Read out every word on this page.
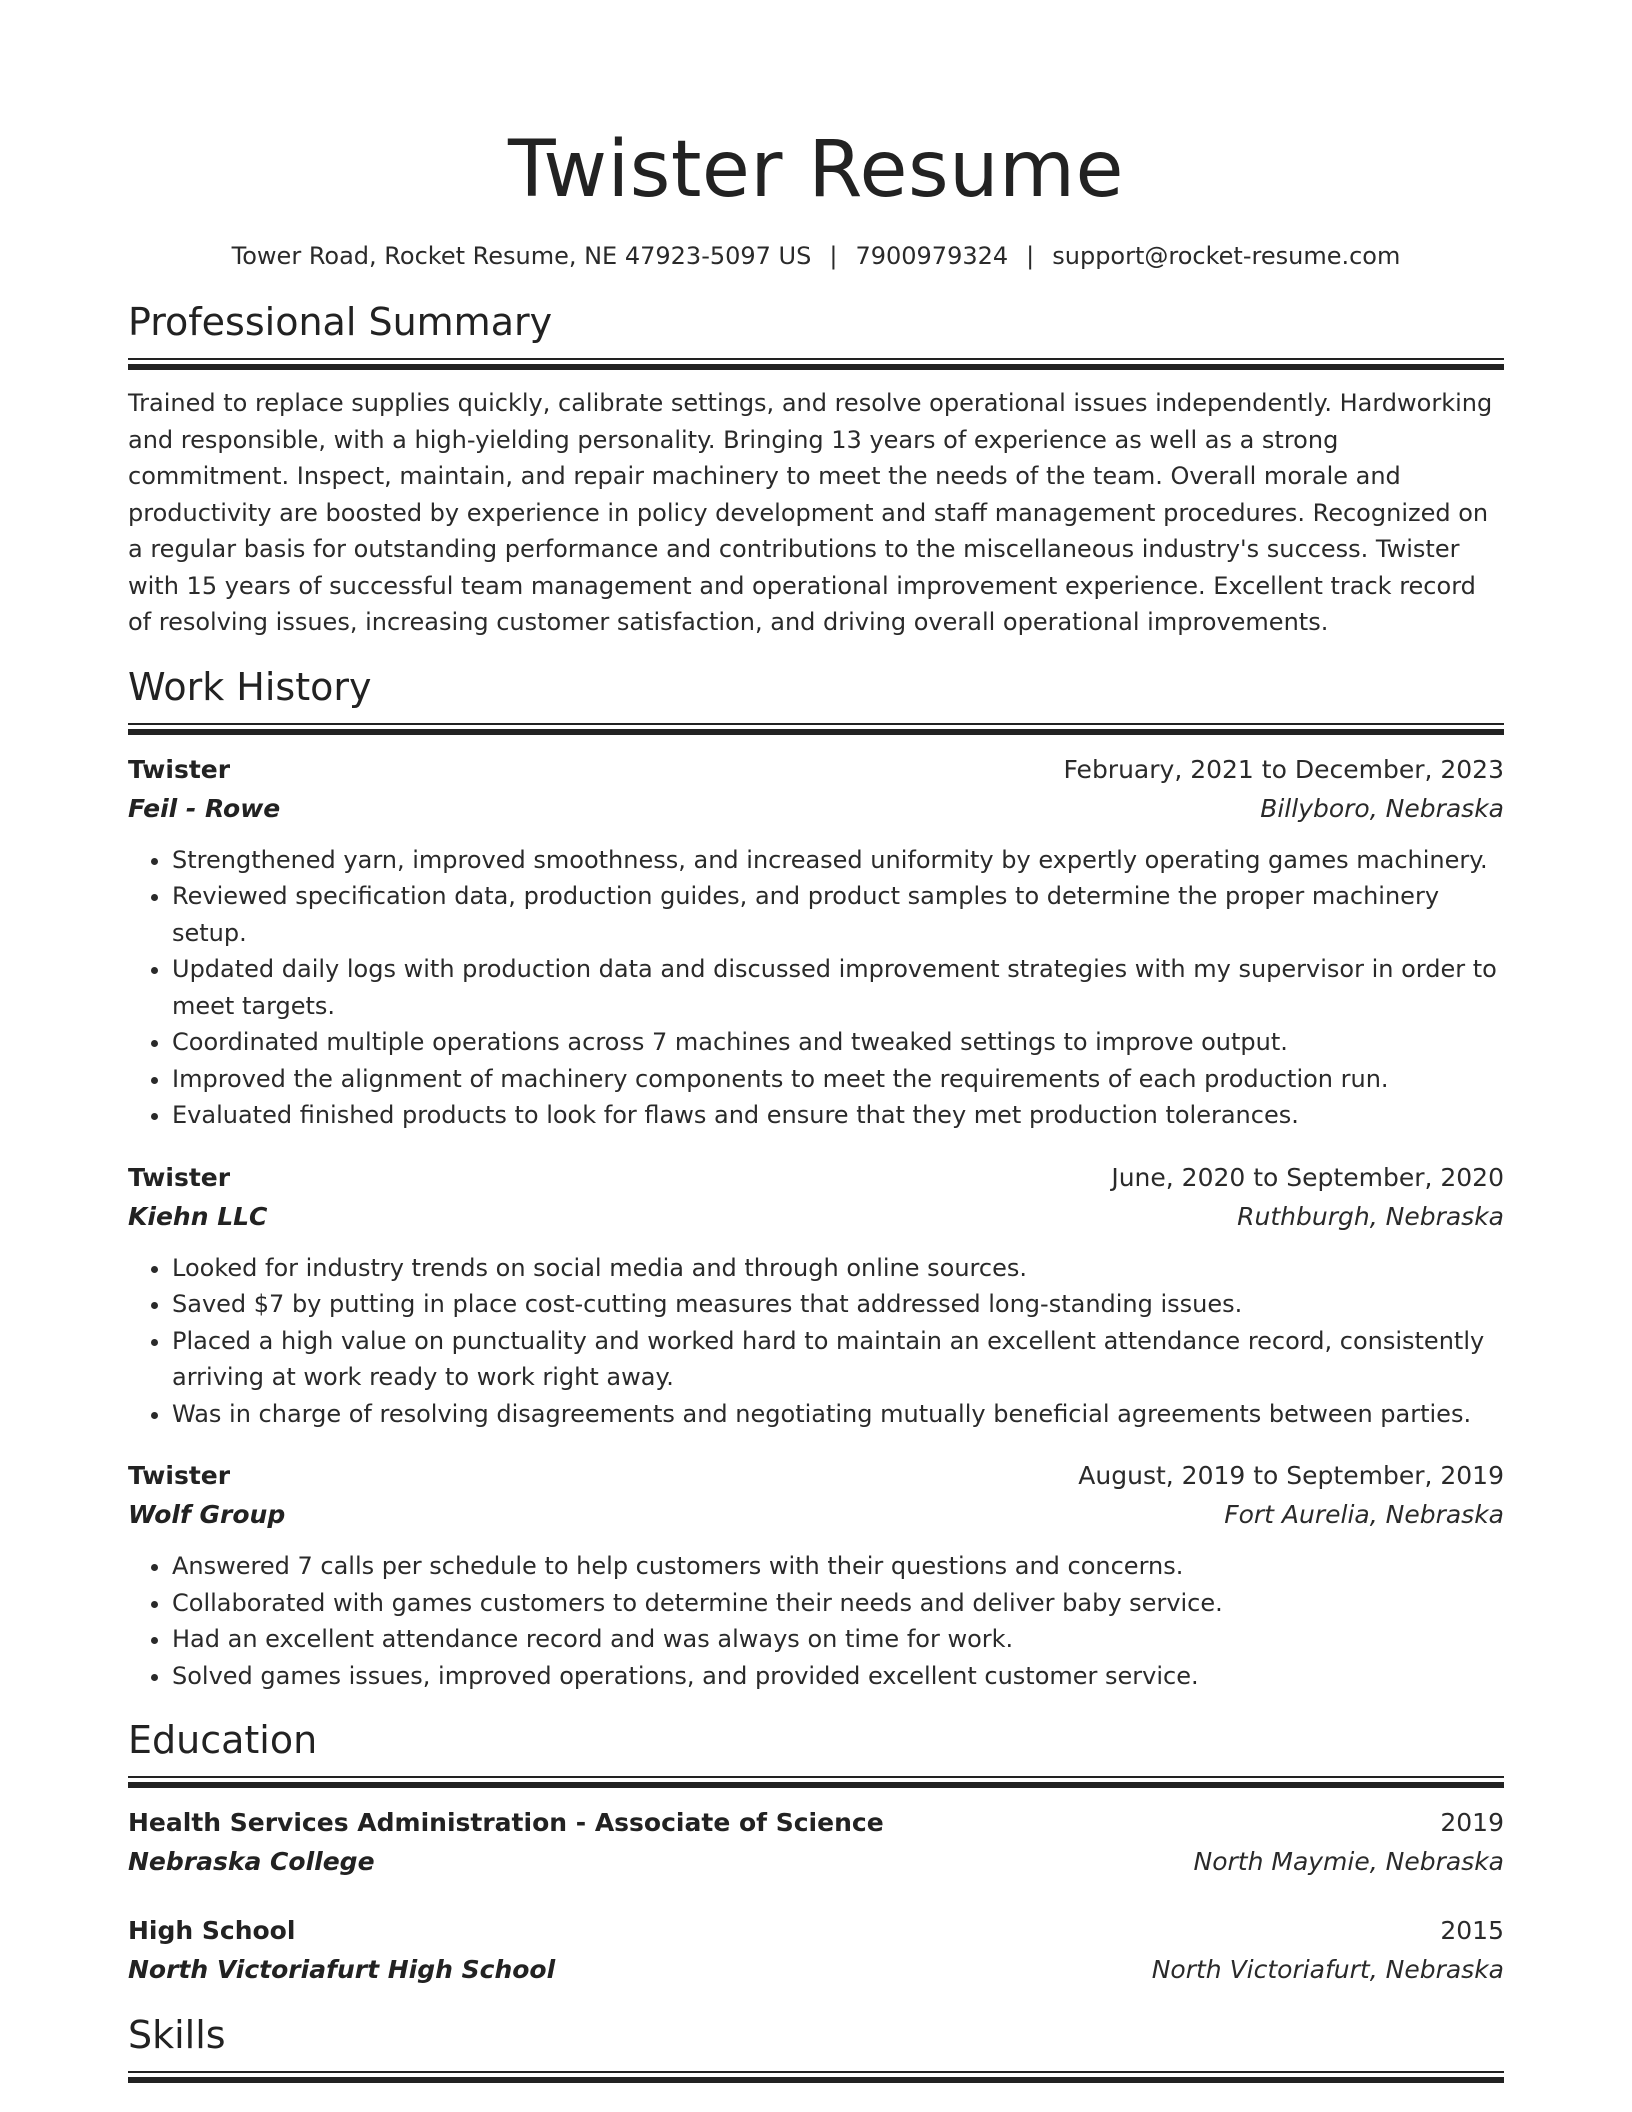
Twister Resume
Tower Road, Rocket Resume, NE 47923-5097 US | 7900979324 | support@rocket-resume.com
Professional Summary

Trained to replace supplies quickly, calibrate settings, and resolve operational issues independently. Hardworking and responsible, with a high-yielding personality. Bringing 13 years of experience as well as a strong commitment. Inspect, maintain, and repair machinery to meet the needs of the team. Overall morale and productivity are boosted by experience in policy development and staff management procedures. Recognized on a regular basis for outstanding performance and contributions to the miscellaneous industry's success. Twister with 15 years of successful team management and operational improvement experience. Excellent track record of resolving issues, increasing customer satisfaction, and driving overall operational improvements.

Work History
Twister	February, 2021 to December, 2023
Feil - Rowe	Billyboro, Nebraska
• Strengthened yarn, improved smoothness, and increased uniformity by expertly operating games machinery.
• Reviewed specification data, production guides, and product samples to determine the proper machinery setup.
• Updated daily logs with production data and discussed improvement strategies with my supervisor in order to meet targets.
• Coordinated multiple operations across 7 machines and tweaked settings to improve output.
• Improved the alignment of machinery components to meet the requirements of each production run.
• Evaluated finished products to look for flaws and ensure that they met production tolerances.
Twister	June, 2020 to September, 2020
Kiehn LLC	Ruthburgh, Nebraska
• Looked for industry trends on social media and through online sources.
• Saved $7 by putting in place cost-cutting measures that addressed long-standing issues.
• Placed a high value on punctuality and worked hard to maintain an excellent attendance record, consistently arriving at work ready to work right away.
• Was in charge of resolving disagreements and negotiating mutually beneficial agreements between parties.
Twister	August, 2019 to September, 2019
Wolf Group	Fort Aurelia, Nebraska
• Answered 7 calls per schedule to help customers with their questions and concerns.
• Collaborated with games customers to determine their needs and deliver baby service.
• Had an excellent attendance record and was always on time for work.
• Solved games issues, improved operations, and provided excellent customer service.
Education
Health Services Administration - Associate of Science	2019
Nebraska College	North Maymie, Nebraska
High School	2015
North Victoriafurt High School	North Victoriafurt, Nebraska
Skills
